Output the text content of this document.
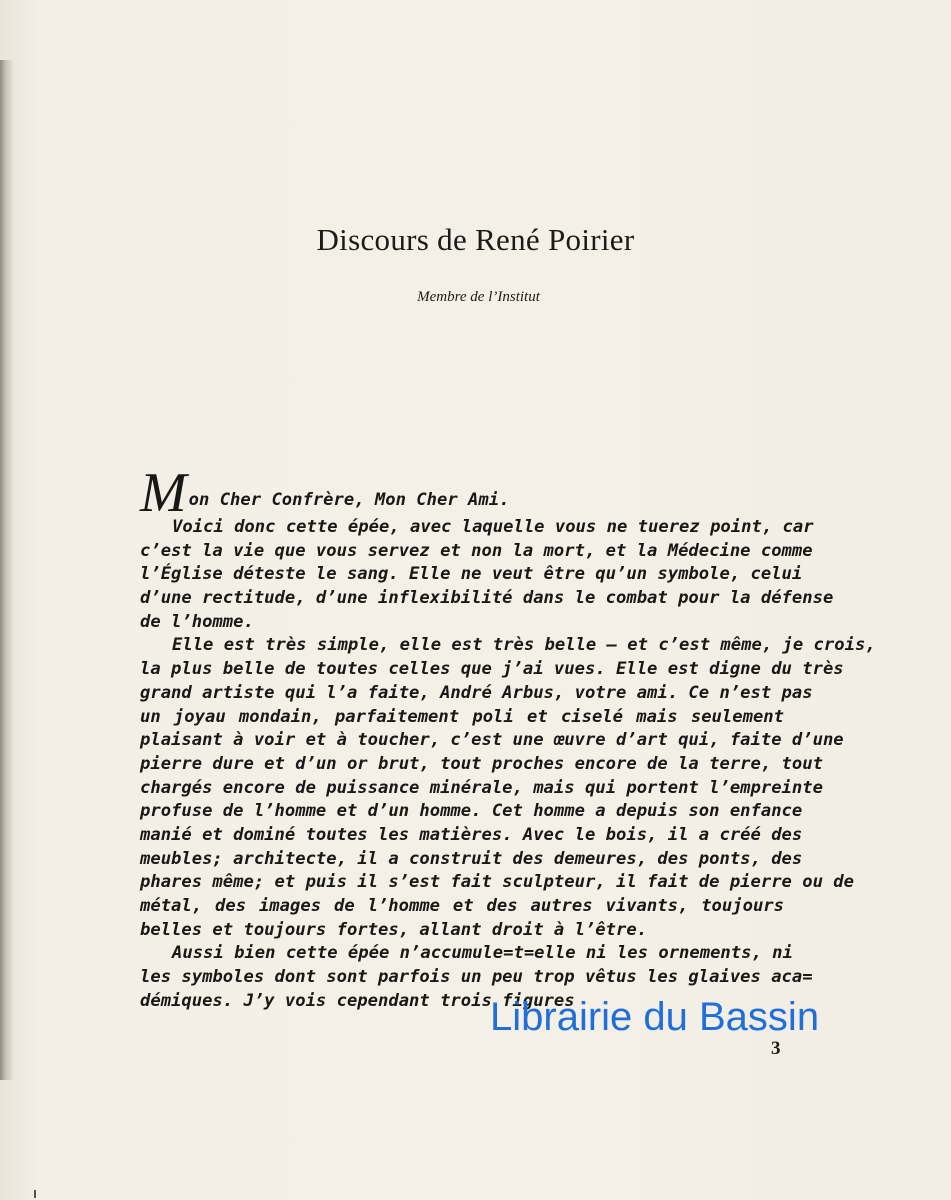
Discours de René Poirier
Membre de l’Institut
M on Cher Confrère, Mon Cher Ami.
Voici donc cette épée, avec laquelle vous ne tuerez point, car
c’est la vie que vous servez et non la mort, et la Médecine comme
l’Église déteste le sang. Elle ne veut être qu’un symbole, celui
d’une rectitude, d’une inflexibilité dans le combat pour la défense
de l’homme.
Elle est très simple, elle est très belle — et c’est même, je crois,
la plus belle de toutes celles que j’ai vues. Elle est digne du très
grand artiste qui l’a faite, André Arbus, votre ami. Ce n’est pas
un joyau mondain, parfaitement poli et ciselé mais seulement
plaisant à voir et à toucher, c’est une œuvre d’art qui, faite d’une
pierre dure et d’un or brut, tout proches encore de la terre, tout
chargés encore de puissance minérale, mais qui portent l’empreinte
profuse de l’homme et d’un homme. Cet homme a depuis son enfance
manié et dominé toutes les matières. Avec le bois, il a créé des
meubles; architecte, il a construit des demeures, des ponts, des
phares même; et puis il s’est fait sculpteur, il fait de pierre ou de
métal, des images de l’homme et des autres vivants, toujours
belles et toujours fortes, allant droit à l’être.
Aussi bien cette épée n’accumule=t=elle ni les ornements, ni
les symboles dont sont parfois un peu trop vêtus les glaives aca=
démiques. J’y vois cependant trois figures
Librairie du Bassin
3
